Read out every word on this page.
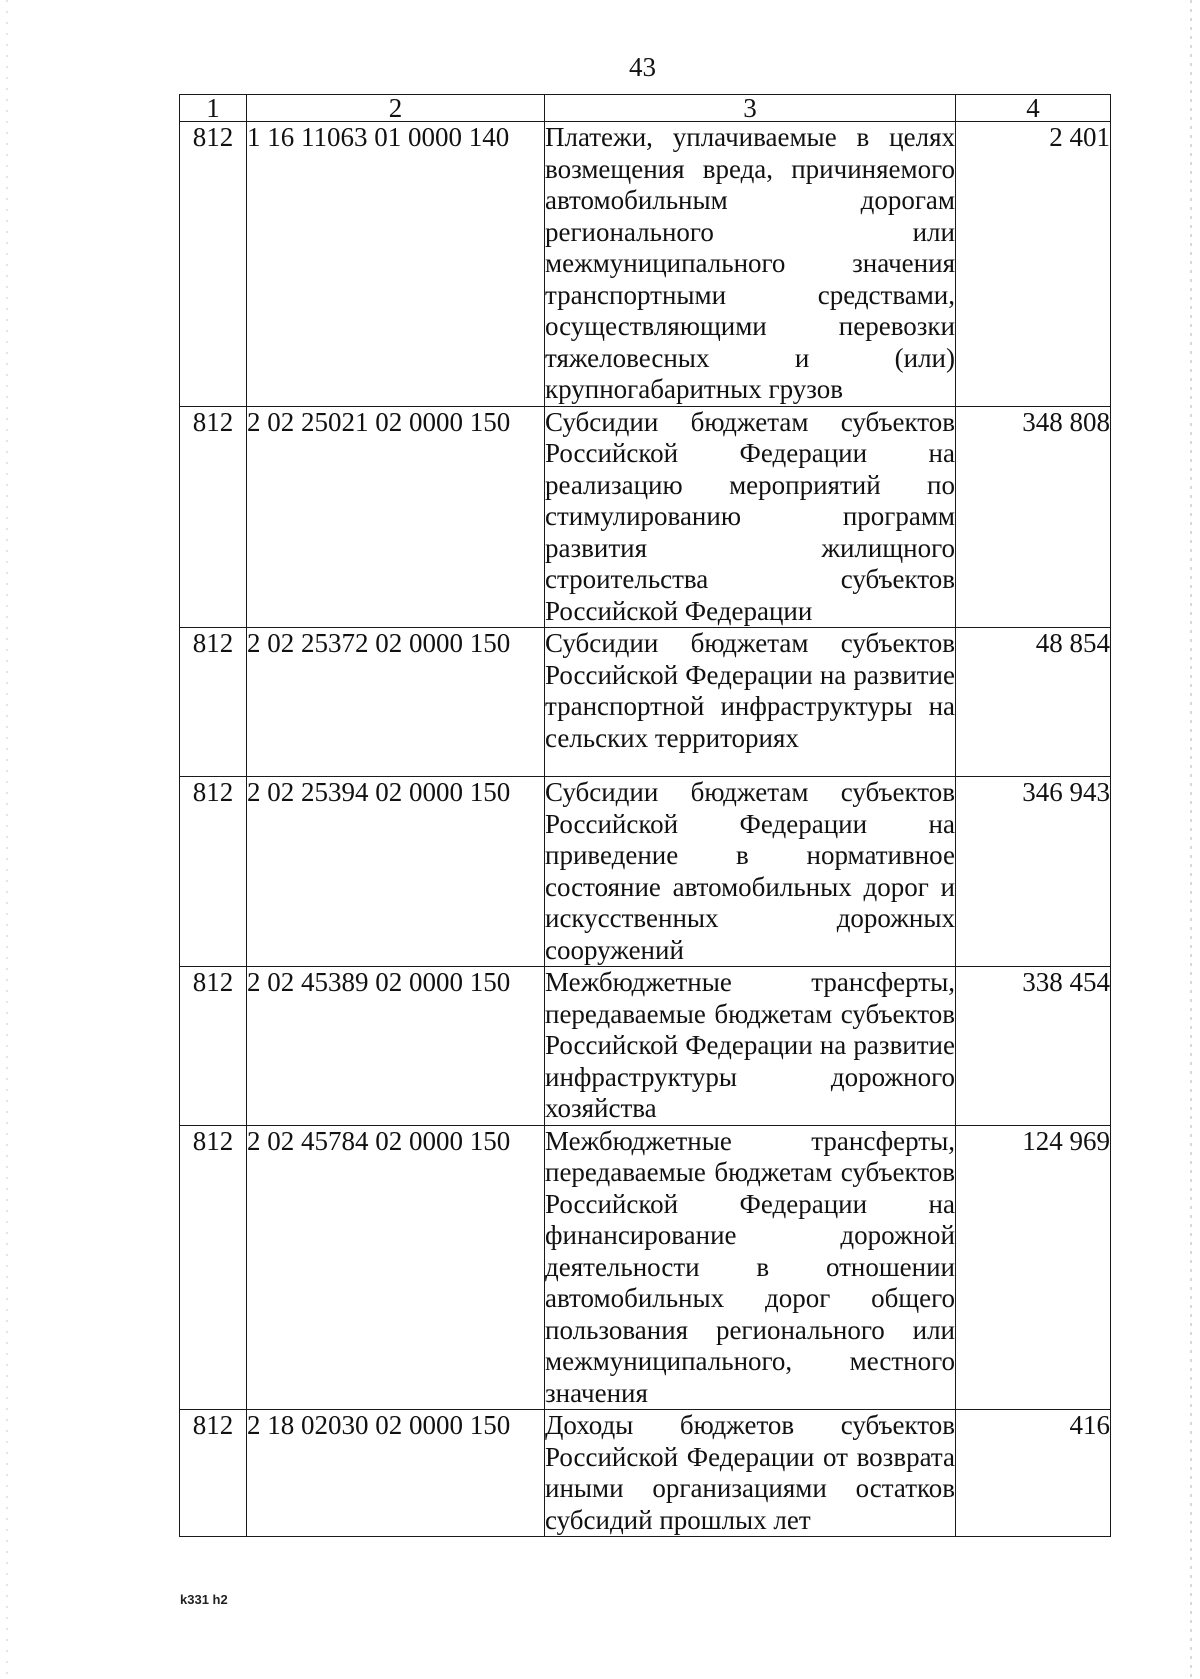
43
1	2	3	4
812	1 16 11063 01 0000 140	Платежи, уплачиваемые в целях возмещения вреда, причиняемого автомобильным дорогам регионального или межмуниципального значения транспортными средствами, осуществляющими перевозки тяжеловесных и (или) крупногабаритных грузов	2 401
812	2 02 25021 02 0000 150	Субсидии бюджетам субъектов Российской Федерации на реализацию мероприятий по стимулированию программ развития жилищного строительства субъектов Российской Федерации	348 808
812	2 02 25372 02 0000 150	Субсидии бюджетам субъектов Российской Федерации на развитие транспортной инфраструктуры на сельских территориях	48 854
812	2 02 25394 02 0000 150	Субсидии бюджетам субъектов Российской Федерации на приведение в нормативное состояние автомобильных дорог и искусственных дорожных сооружений	346 943
812	2 02 45389 02 0000 150	Межбюджетные трансферты, передаваемые бюджетам субъектов Российской Федерации на развитие инфраструктуры дорожного хозяйства	338 454
812	2 02 45784 02 0000 150	Межбюджетные трансферты, передаваемые бюджетам субъектов Российской Федерации на финансирование дорожной деятельности в отношении автомобильных дорог общего пользования регионального или межмуниципального, местного значения	124 969
812	2 18 02030 02 0000 150	Доходы бюджетов субъектов Российской Федерации от возврата иными организациями остатков субсидий прошлых лет	416
k331 h2
